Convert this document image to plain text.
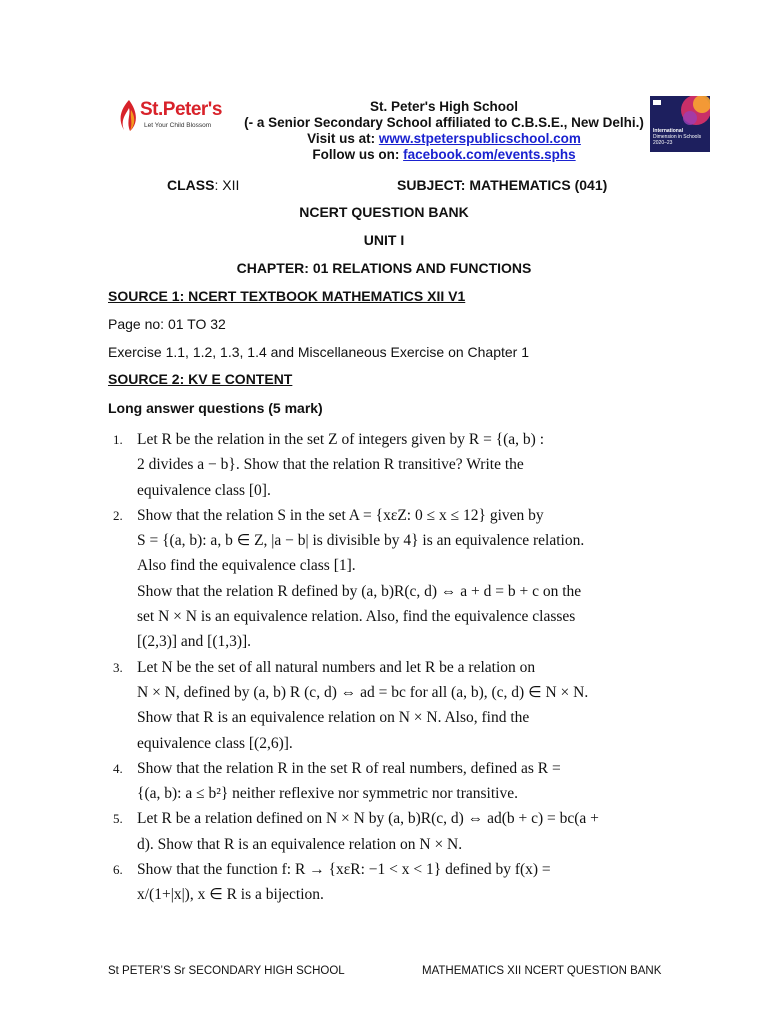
St.Peter's
Let Your Child Blossom
St. Peter's High School
(- a Senior Secondary School affiliated to C.B.S.E., New Delhi.)
Visit us at: www.stpeterspublicschool.com
Follow us on: facebook.com/events.sphs
International
Dimension in Schools
2020–23
CLASS: XII	SUBJECT: MATHEMATICS (041)
NCERT QUESTION BANK
UNIT I
CHAPTER: 01 RELATIONS AND FUNCTIONS
SOURCE 1: NCERT TEXTBOOK MATHEMATICS XII V1
Page no: 01 TO 32
Exercise 1.1, 1.2, 1.3, 1.4 and Miscellaneous Exercise on Chapter 1
SOURCE 2: KV E CONTENT
Long answer questions (5 mark)
1. Let R be the relation in the set Z of integers given by R = {(a, b) :
2 divides a − b}. Show that the relation R transitive? Write the
equivalence class [0].
2. Show that the relation S in the set A = {xεZ: 0 ≤ x ≤ 12} given by
S = {(a, b): a, b ∈ Z, |a − b| is divisible by 4} is an equivalence relation.
Also find the equivalence class [1].
Show that the relation R defined by (a, b)R(c, d) ⇔ a + d = b + c on the
set N × N is an equivalence relation. Also, find the equivalence classes
[(2,3)] and [(1,3)].
3. Let N be the set of all natural numbers and let R be a relation on
N × N, defined by (a, b) R (c, d) ⇔ ad = bc for all (a, b), (c, d) ∈ N × N.
Show that R is an equivalence relation on N × N. Also, find the
equivalence class [(2,6)].
4. Show that the relation R in the set R of real numbers, defined as R =
{(a, b): a ≤ b²} neither reflexive nor symmetric nor transitive.
5. Let R be a relation defined on N × N by (a, b)R(c, d) ⇔ ad(b + c) = bc(a +
d). Show that R is an equivalence relation on N × N.
6. Show that the function f: R → {xεR: −1 < x < 1} defined by f(x) =
x/(1+|x|), x ∈ R is a bijection.
St PETER’S Sr SECONDARY HIGH SCHOOL	MATHEMATICS XII NCERT QUESTION BANK
